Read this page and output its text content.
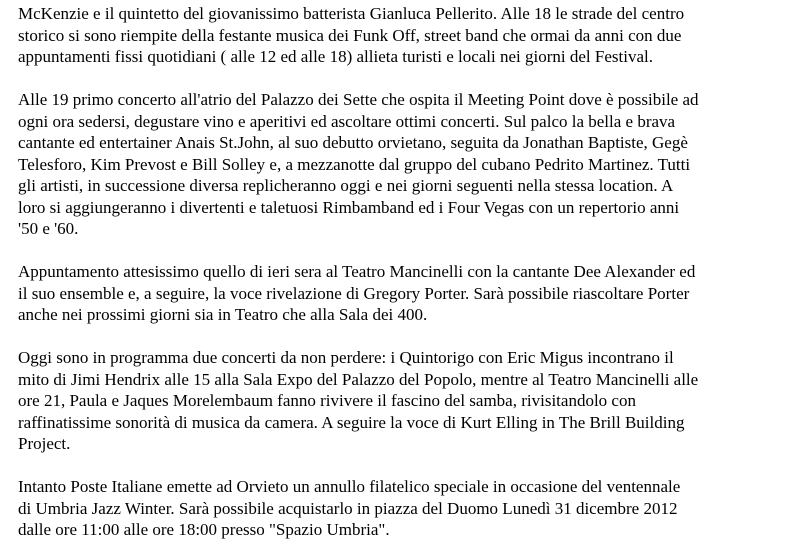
McKenzie e il quintetto del giovanissimo batterista Gianluca Pellerito. Alle 18 le strade del centro
storico si sono riempite della festante musica dei Funk Off, street band che ormai da anni con due
appuntamenti fissi quotidiani ( alle 12 ed alle 18) allieta turisti e locali nei giorni del Festival.
Alle 19 primo concerto all'atrio del Palazzo dei Sette che ospita il Meeting Point dove è possibile ad
ogni ora sedersi, degustare vino e aperitivi ed ascoltare ottimi concerti. Sul palco la bella e brava
cantante ed entertainer Anais St.John, al suo debutto orvietano, seguita da Jonathan Baptiste, Gegè
Telesforo, Kim Prevost e Bill Solley e, a mezzanotte dal gruppo del cubano Pedrito Martinez. Tutti
gli artisti, in successione diversa replicheranno oggi e nei giorni seguenti nella stessa location. A
loro si aggiungeranno i divertenti e taletuosi Rimbamband ed i Four Vegas con un repertorio anni
'50 e '60.
Appuntamento attesissimo quello di ieri sera al Teatro Mancinelli con la cantante Dee Alexander ed
il suo ensemble e, a seguire, la voce rivelazione di Gregory Porter. Sarà possibile riascoltare Porter
anche nei prossimi giorni sia in Teatro che alla Sala dei 400.
Oggi sono in programma due concerti da non perdere: i Quintorigo con Eric Migus incontrano il
mito di Jimi Hendrix alle 15 alla Sala Expo del Palazzo del Popolo, mentre al Teatro Mancinelli alle
ore 21, Paula e Jaques Morelembaum fanno rivivere il fascino del samba, rivisitandolo con
raffinatissime sonorità di musica da camera. A seguire la voce di Kurt Elling in The Brill Building
Project.
Intanto Poste Italiane emette ad Orvieto un annullo filatelico speciale in occasione del ventennale
di Umbria Jazz Winter. Sarà possibile acquistarlo in piazza del Duomo Lunedì 31 dicembre 2012
dalle ore 11:00 alle ore 18:00 presso "Spazio Umbria".
